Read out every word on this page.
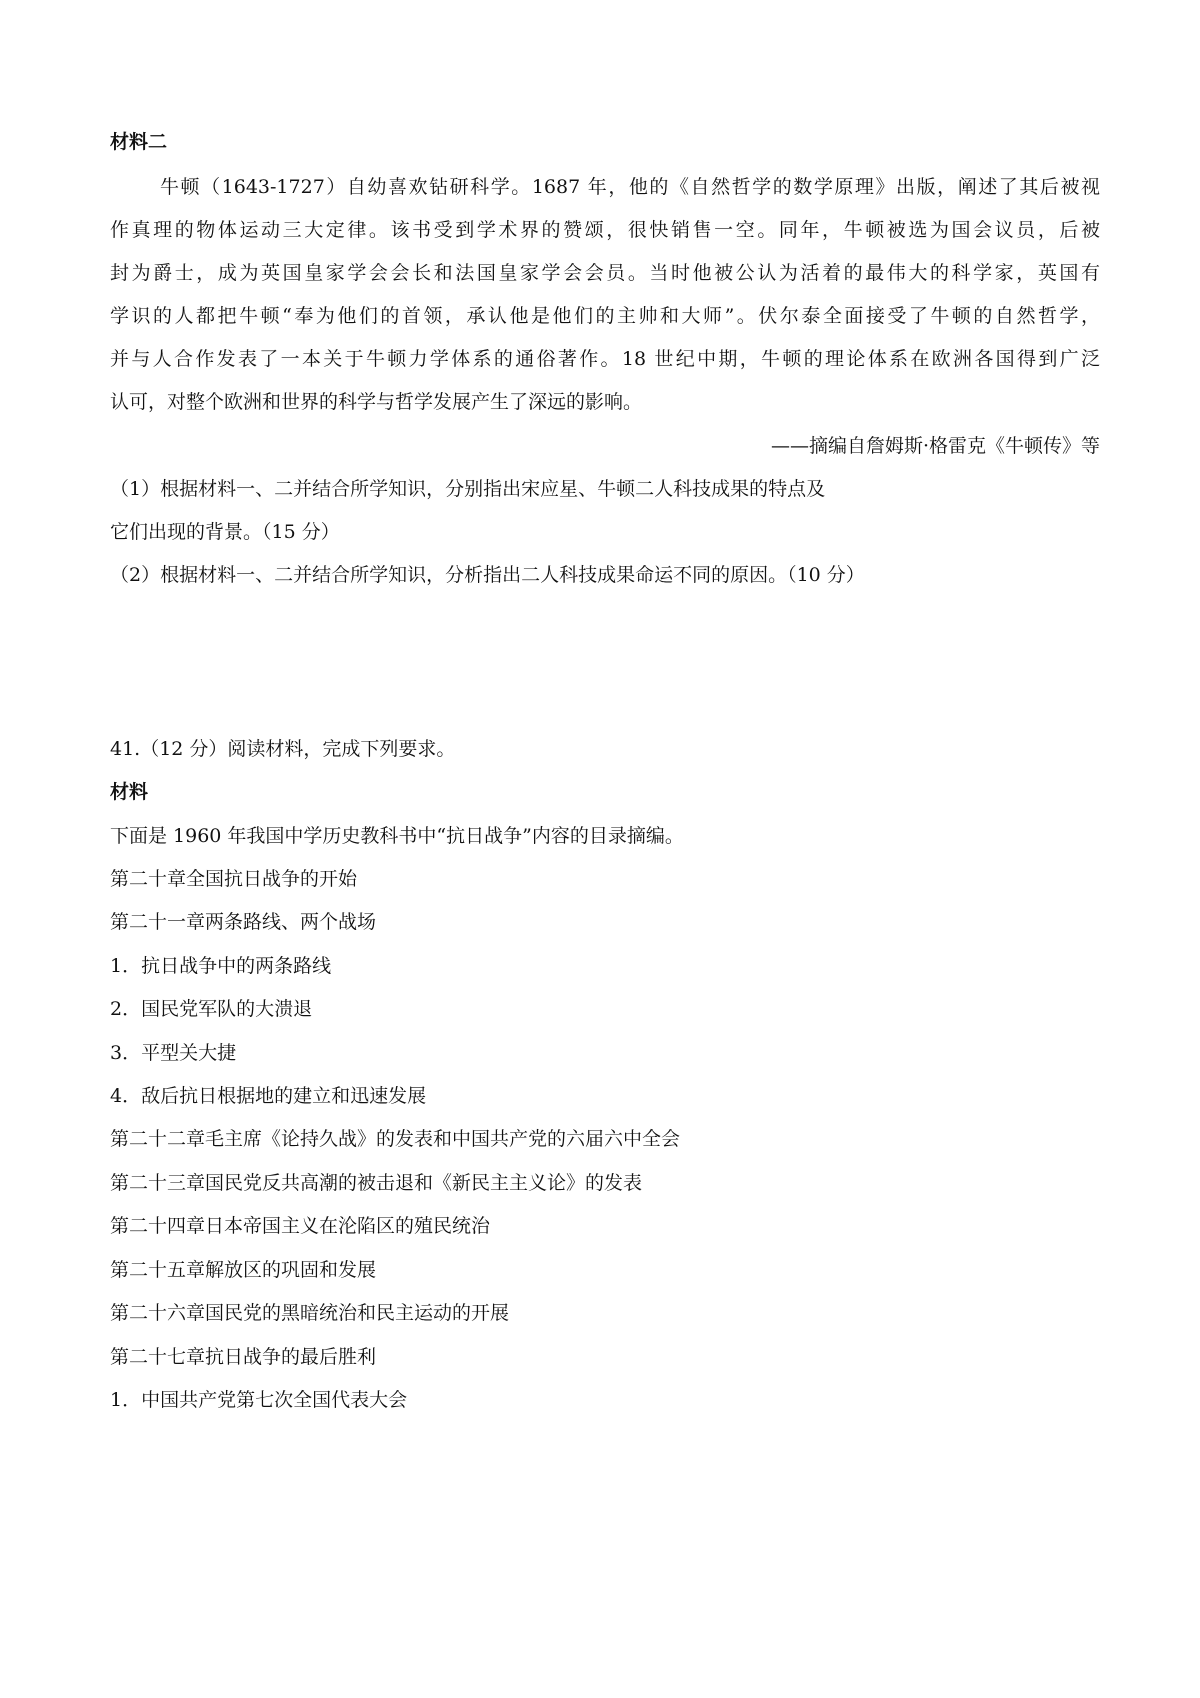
材料二
牛顿（1643-1727）自幼喜欢钻研科学。1687 年，他的《自然哲学的数学原理》出版，阐述了其后被视
作真理的物体运动三大定律。该书受到学术界的赞颂，很快销售一空。同年，牛顿被选为国会议员，后被
封为爵士，成为英国皇家学会会长和法国皇家学会会员。当时他被公认为活着的最伟大的科学家，英国有
学识的人都把牛顿“奉为他们的首领，承认他是他们的主帅和大师”。伏尔泰全面接受了牛顿的自然哲学，
并与人合作发表了一本关于牛顿力学体系的通俗著作。18 世纪中期，牛顿的理论体系在欧洲各国得到广泛
认可，对整个欧洲和世界的科学与哲学发展产生了深远的影响。
——摘编自詹姆斯·格雷克《牛顿传》等
（1）根据材料一、二并结合所学知识，分别指出宋应星、牛顿二人科技成果的特点及
它们出现的背景。（15 分）
（2）根据材料一、二并结合所学知识，分析指出二人科技成果命运不同的原因。（10 分）
41.（12 分）阅读材料，完成下列要求。
材料
下面是 1960 年我国中学历史教科书中“抗日战争”内容的目录摘编。
第二十章全国抗日战争的开始
第二十一章两条路线、两个战场
1．抗日战争中的两条路线
2．国民党军队的大溃退
3．平型关大捷
4．敌后抗日根据地的建立和迅速发展
第二十二章毛主席《论持久战》的发表和中国共产党的六届六中全会
第二十三章国民党反共高潮的被击退和《新民主主义论》的发表
第二十四章日本帝国主义在沦陷区的殖民统治
第二十五章解放区的巩固和发展
第二十六章国民党的黑暗统治和民主运动的开展
第二十七章抗日战争的最后胜利
1．中国共产党第七次全国代表大会
